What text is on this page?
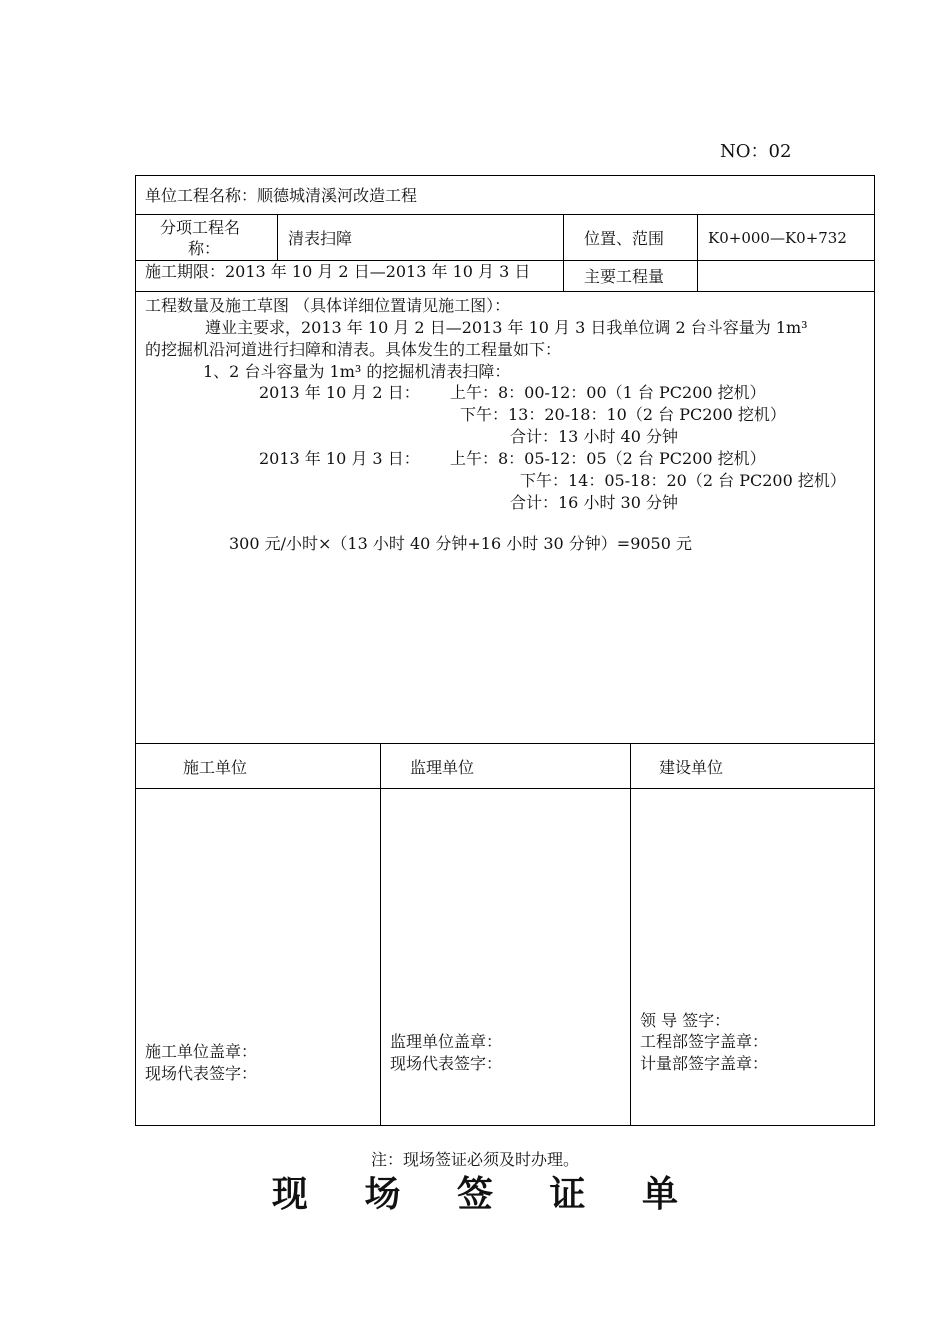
NO：02
单位工程名称：顺德城清溪河改造工程
分项工程名
称：
清表扫障	位置、范围	K0+000—K0+732
施工期限：2013 年 10 月 2 日—2013 年 10 月 3 日	主要工程量
工程数量及施工草图 （具体详细位置请见施工图）：
遵业主要求，2013 年 10 月 2 日—2013 年 10 月 3 日我单位调 2 台斗容量为 1m³
的挖掘机沿河道进行扫障和清表。具体发生的工程量如下：
1、2 台斗容量为 1m³ 的挖掘机清表扫障：
2013 年 10 月 2 日： 上午：8：00-12：00（1 台 PC200 挖机）
下午：13：20-18：10（2 台 PC200 挖机）
合计：13 小时 40 分钟
2013 年 10 月 3 日： 上午：8：05-12：05（2 台 PC200 挖机）
下午：14：05-18：20（2 台 PC200 挖机）
合计：16 小时 30 分钟
300 元/小时×（13 小时 40 分钟+16 小时 30 分钟）=9050 元
施工单位	监理单位	建设单位
施工单位盖章：
现场代表签字：
监理单位盖章：
现场代表签字：
领 导 签字：
工程部签字盖章：
计量部签字盖章：
注：现场签证必须及时办理。
现 场 签 证 单
